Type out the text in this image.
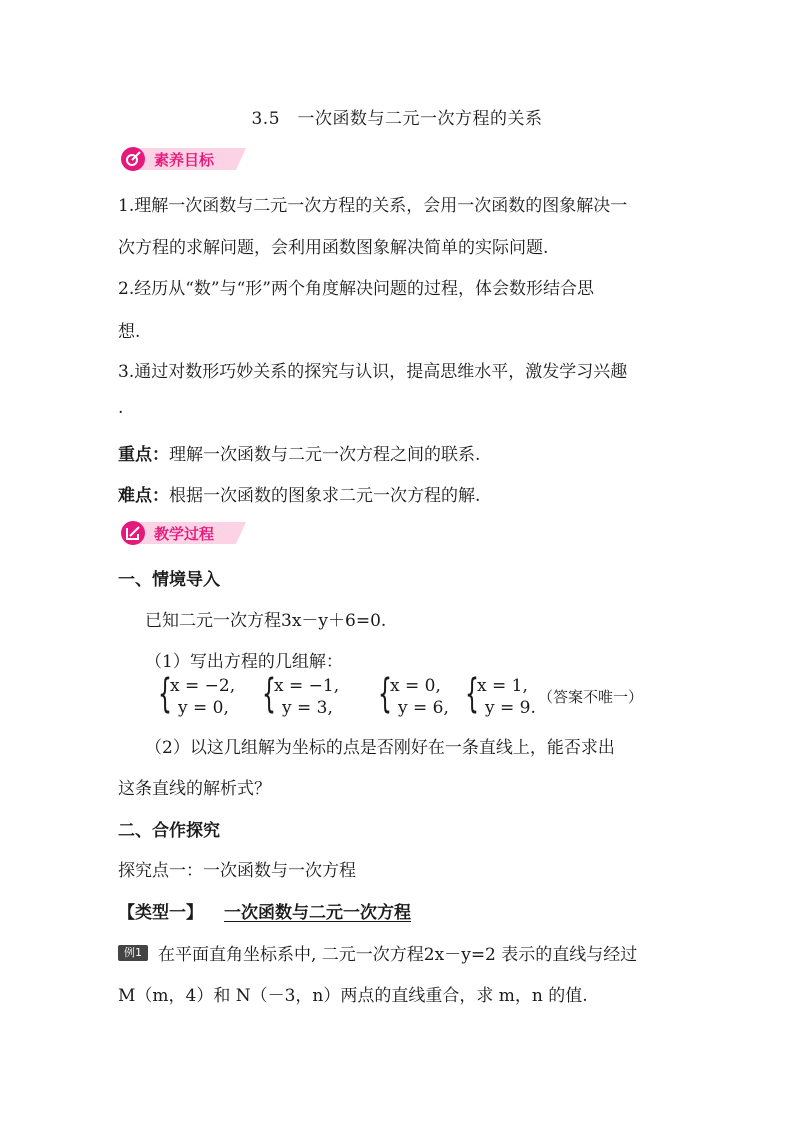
3.5　一次函数与二元一次方程的关系
素养目标
1.理解一次函数与二元一次方程的关系，会用一次函数的图象解决一
次方程的求解问题，会利用函数图象解决简单的实际问题.
2.经历从“数”与“形”两个角度解决问题的过程，体会数形结合思
想.
3.通过对数形巧妙关系的探究与认识，提高思维水平，激发学习兴趣
.
重点：理解一次函数与二元一次方程之间的联系.
难点：根据一次函数的图象求二元一次方程的解.
教学过程
一、情境导入
已知二元一次方程3x－y＋6=0.
（1）写出方程的几组解：
{
x = −2,
y = 0, {
x = −1,
y = 3, {
x = 0,
y = 6, {
x = 1,
y = 9.
（答案不唯一）
（2）以这几组解为坐标的点是否刚好在一条直线上，能否求出
这条直线的解析式？
二、合作探究
探究点一：一次函数与一次方程
【类型一】 一次函数与二元一次方程
例1 在平面直角坐标系中, 二元一次方程2x－y=2 表示的直线与经过
M（m，4）和 N（－3，n）两点的直线重合，求 m，n 的值.
